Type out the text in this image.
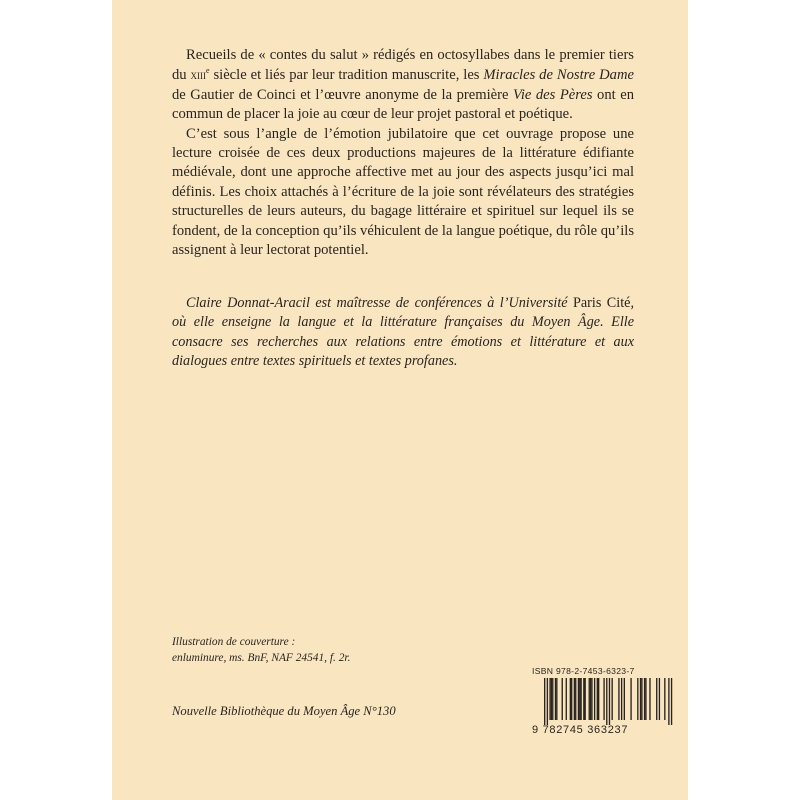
Recueils de « contes du salut » rédigés en octosyllabes dans le premier tiers du xiii$^e$ siècle et liés par leur tradition manuscrite, les Miracles de Nostre Dame de Gautier de Coinci et l’œuvre anonyme de la première Vie des Pères ont en commun de placer la joie au cœur de leur projet pastoral et poétique.

C’est sous l’angle de l’émotion jubilatoire que cet ouvrage propose une lecture croisée de ces deux productions majeures de la littérature édifiante médiévale, dont une approche affective met au jour des aspects jusqu’ici mal définis. Les choix attachés à l’écriture de la joie sont révélateurs des stratégies structurelles de leurs auteurs, du bagage littéraire et spirituel sur lequel ils se fondent, de la conception qu’ils véhiculent de la langue poétique, du rôle qu’ils assignent à leur lectorat potentiel.

Claire Donnat-Aracil est maîtresse de conférences à l’Université Paris Cité, où elle enseigne la langue et la littérature françaises du Moyen Âge. Elle consacre ses recherches aux relations entre émotions et littérature et aux dialogues entre textes spirituels et textes profanes.

Illustration de couverture :
enluminure, ms. BnF, NAF 24541, f. 2r.
Nouvelle Bibliothèque du Moyen Âge N°130
ISBN 978-2-7453-6323-7
9 782745 363237
